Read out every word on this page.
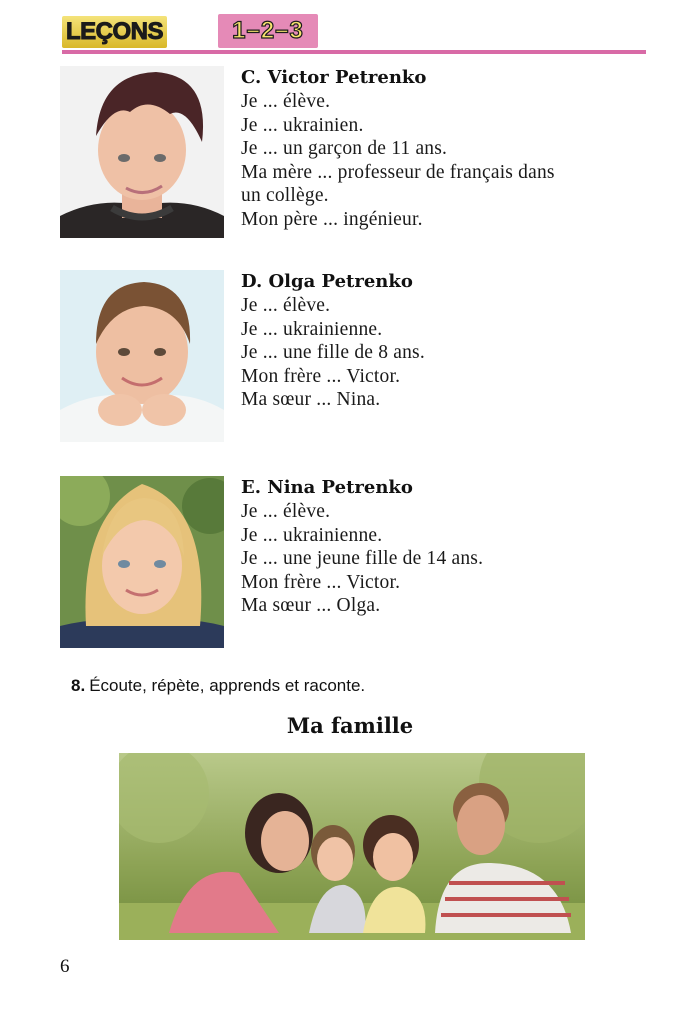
LEÇONS	1–2–3
C. Victor Petrenko
Je ... élève.
Je ... ukrainien.
Je ... un garçon de 11 ans.
Ma mère ... professeur de français dans
un collège.
Mon père ... ingénieur.
D. Olga Petrenko
Je ... élève.
Je ... ukrainienne.
Je ... une fille de 8 ans.
Mon frère ... Victor.
Ma sœur ... Nina.
E. Nina Petrenko
Je ... élève.
Je ... ukrainienne.
Je ... une jeune fille de 14 ans.
Mon frère ... Victor.
Ma sœur ... Olga.
8. Écoute, répète, apprends et raconte.
Ma famille
6
